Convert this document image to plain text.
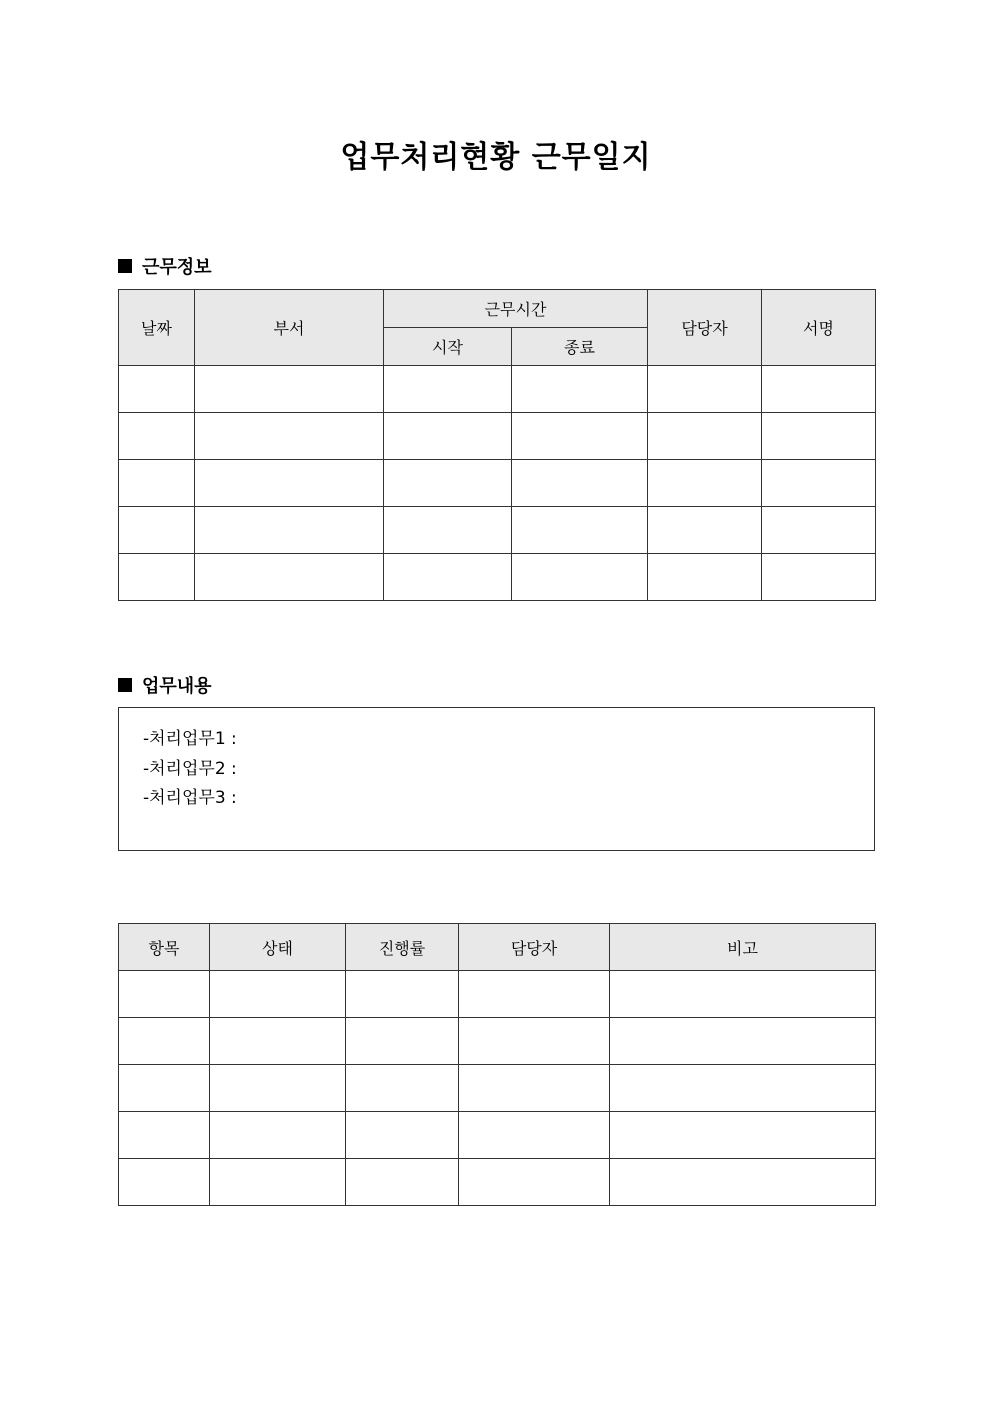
업무처리현황 근무일지
근무정보
날짜	부서	근무시간		담당자	서명
		시작	종료		

업무내용
-처리업무1 :
-처리업무2 :
-처리업무3 :
항목	상태	진행률	담당자	비고
